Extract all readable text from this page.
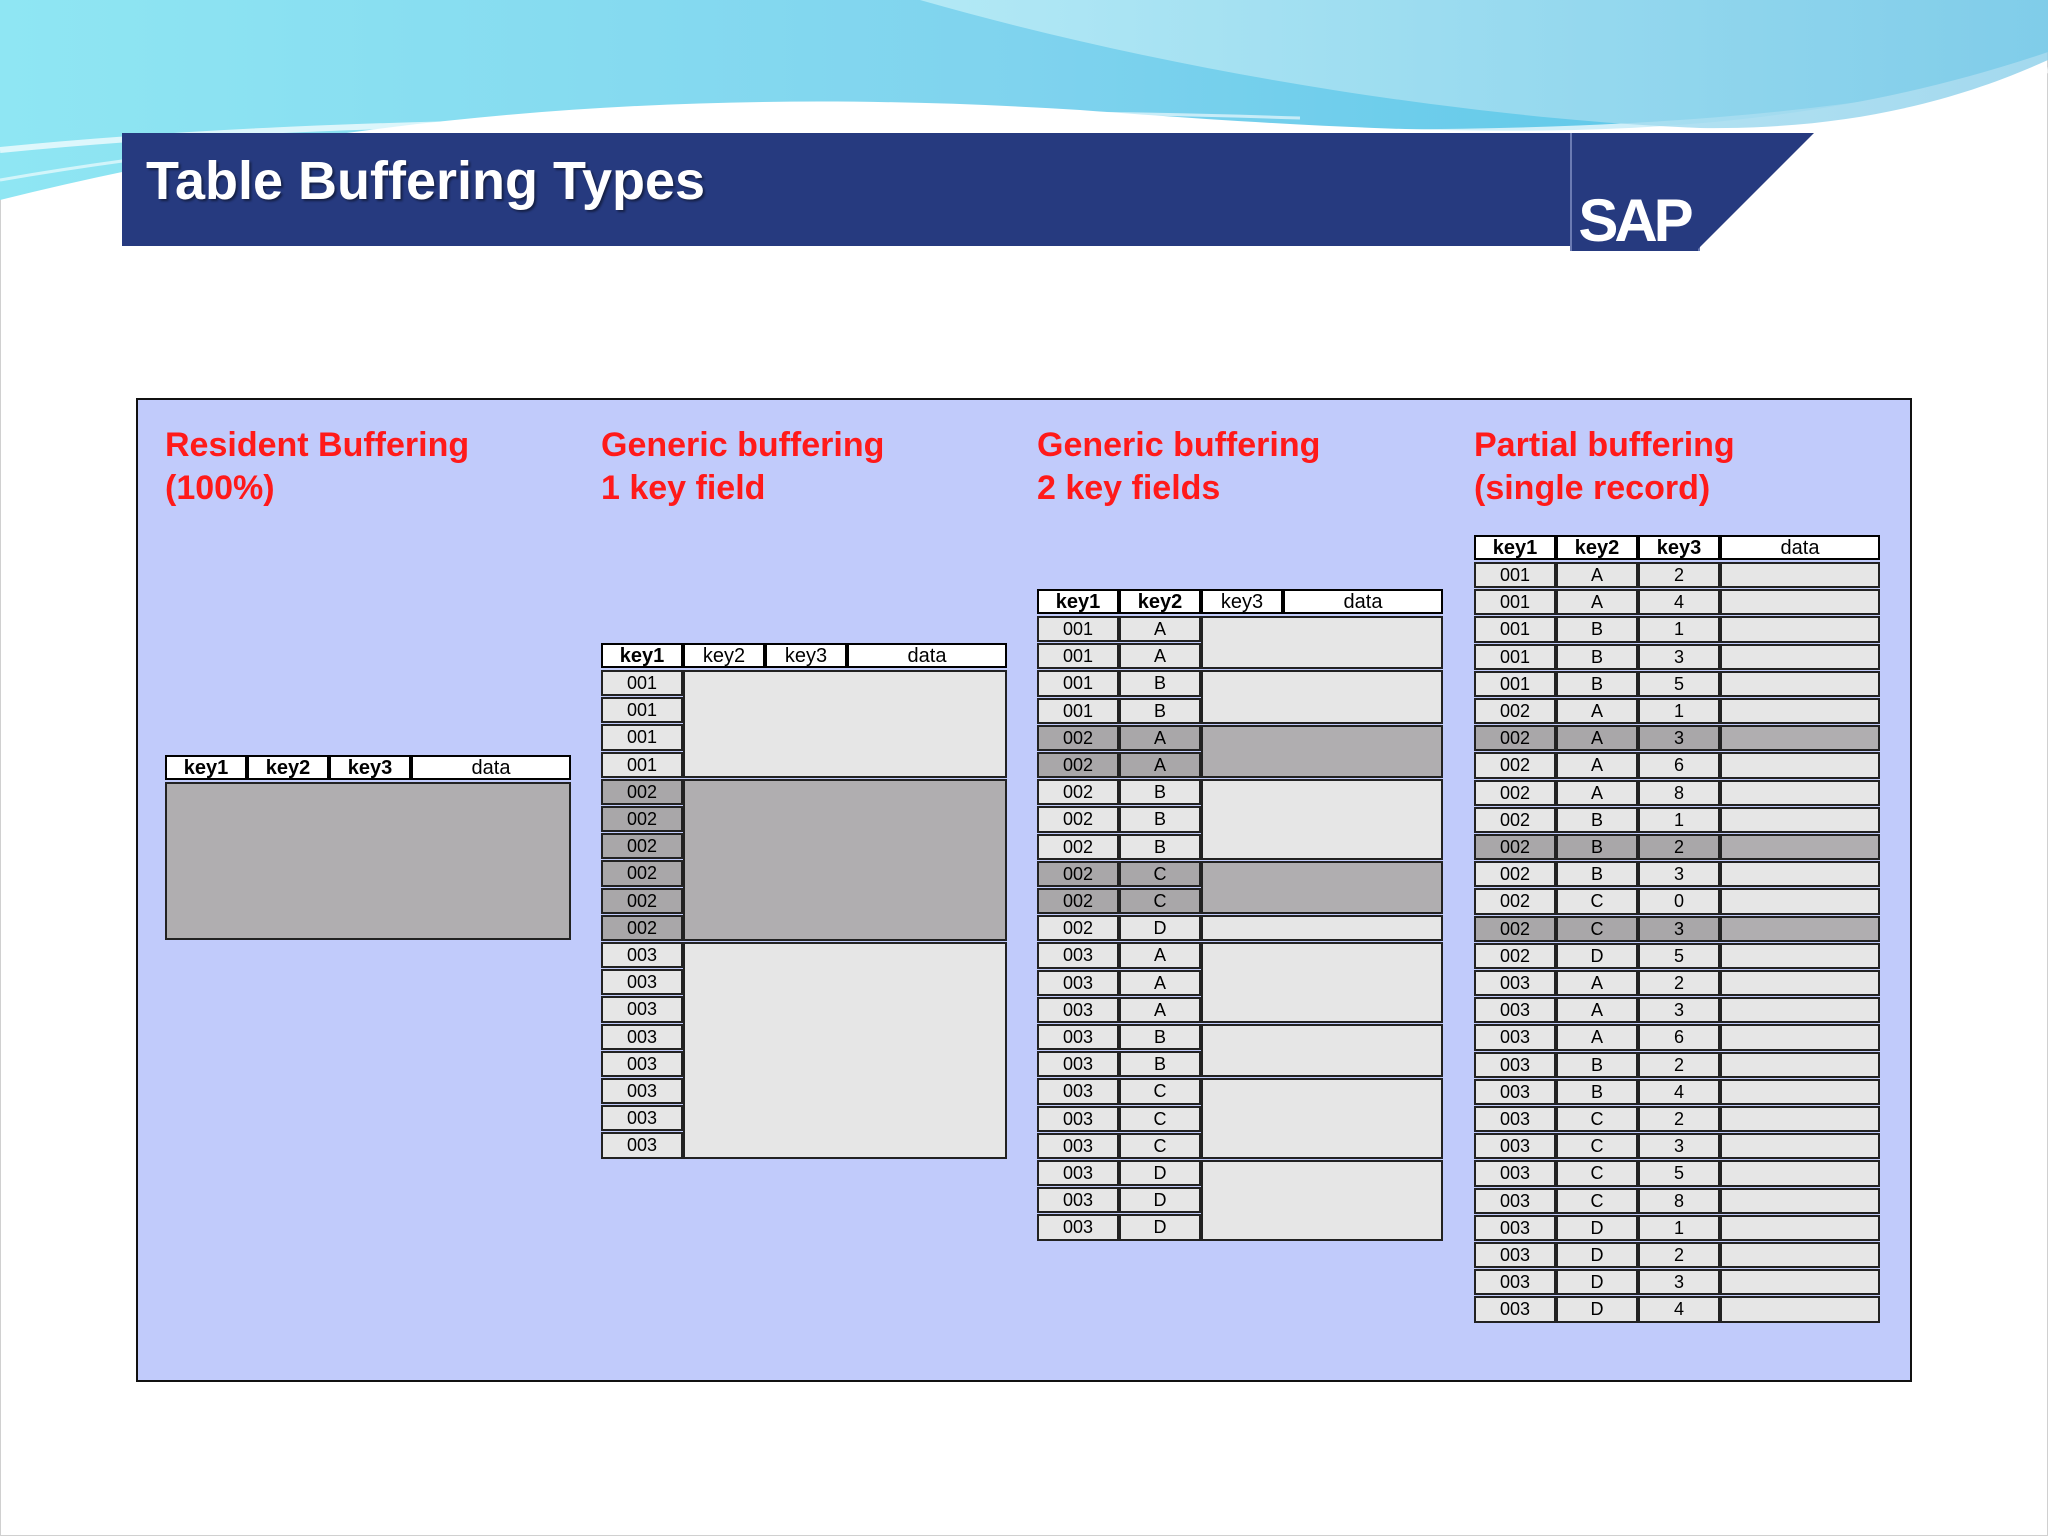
Table Buffering Types
SAP
Resident Buffering
(100%)
Generic buffering
1 key field
Generic buffering
2 key fields
Partial buffering
(single record)
key1	key2	key3	data
key1	key2	key3	data
001
001
001
001
002
002
002
002
002
002
003
003
003
003
003
003
003
003
key1	key2	key3	data
001	A
001	A
001	B
001	B
002	A
002	A
002	B
002	B
002	B
002	C
002	C
002	D
003	A
003	A
003	A
003	B
003	B
003	C
003	C
003	C
003	D
003	D
003	D
key1	key2	key3	data
001	A	2
001	A	4
001	B	1
001	B	3
001	B	5
002	A	1
002	A	3
002	A	6
002	A	8
002	B	1
002	B	2
002	B	3
002	C	0
002	C	3
002	D	5
003	A	2
003	A	3
003	A	6
003	B	2
003	B	4
003	C	2
003	C	3
003	C	5
003	C	8
003	D	1
003	D	2
003	D	3
003	D	4
